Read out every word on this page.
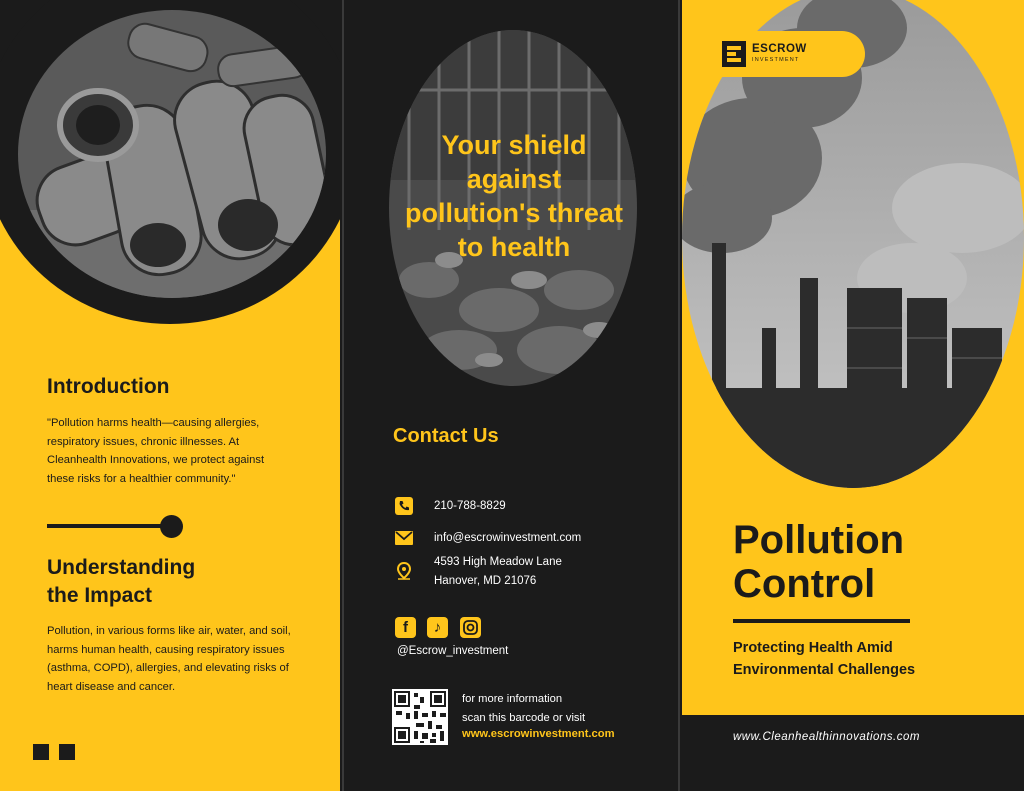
Introduction
"Pollution harms health—causing allergies, respiratory issues, chronic illnesses. At Cleanhealth Innovations, we protect against these risks for a healthier community."
Understanding
the Impact
Pollution, in various forms like air, water, and soil, harms human health, causing respiratory issues (asthma, COPD), allergies, and elevating risks of heart disease and cancer.
Your shield against pollution's threat to health
Contact Us
210-788-8829
info@escrowinvestment.com
4593 High Meadow Lane
Hanover, MD 21076
f	♪
@Escrow_investment
for more information
scan this barcode or visit
www.escrowinvestment.com
ESCROW
INVESTMENT
Pollution
Control
Protecting Health Amid
Environmental Challenges
www.Cleanhealthinnovations.com
